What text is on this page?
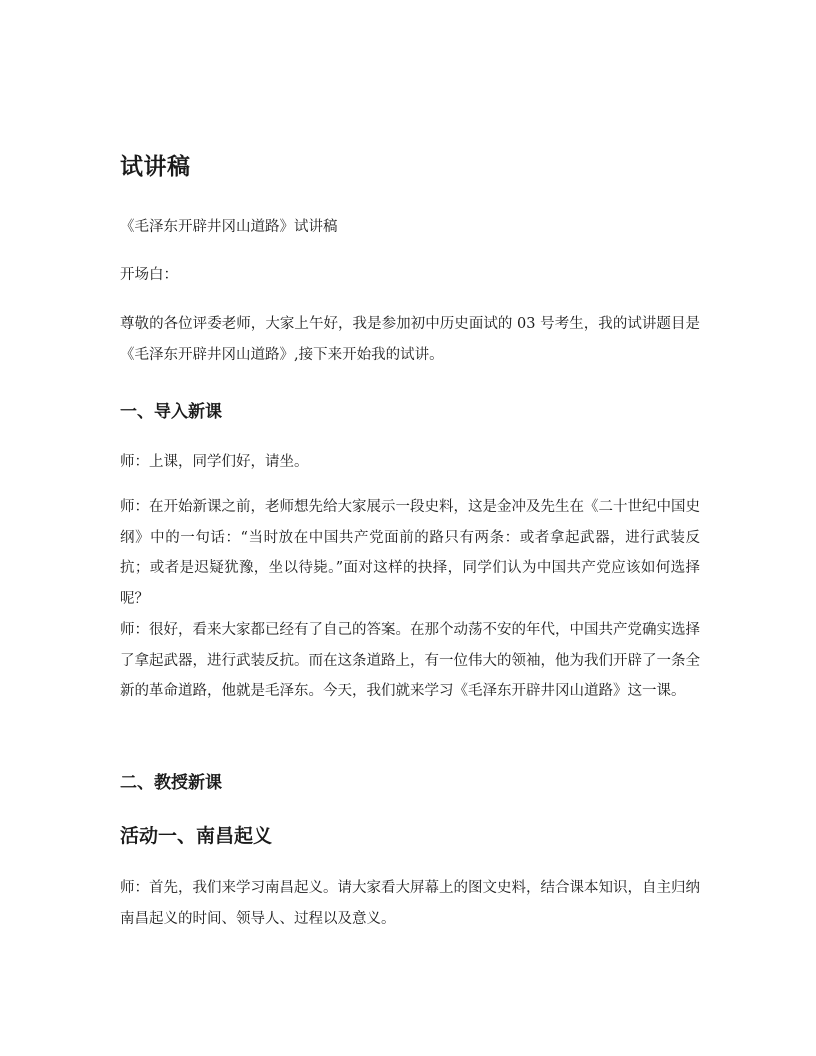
试讲稿

《毛泽东开辟井冈山道路》试讲稿

开场白：

尊敬的各位评委老师，大家上午好，我是参加初中历史面试的 03 号考生，我的试讲题目是《毛泽东开辟井冈山道路》,接下来开始我的试讲。

一、导入新课

师：上课，同学们好，请坐。

师：在开始新课之前，老师想先给大家展示一段史料，这是金冲及先生在《二十世纪中国史纲》中的一句话：“当时放在中国共产党面前的路只有两条：或者拿起武器，进行武装反抗；或者是迟疑犹豫，坐以待毙。”面对这样的抉择，同学们认为中国共产党应该如何选择呢？

师：很好，看来大家都已经有了自己的答案。在那个动荡不安的年代，中国共产党确实选择了拿起武器，进行武装反抗。而在这条道路上，有一位伟大的领袖，他为我们开辟了一条全新的革命道路，他就是毛泽东。今天，我们就来学习《毛泽东开辟井冈山道路》这一课。

二、教授新课
活动一、南昌起义

师：首先，我们来学习南昌起义。请大家看大屏幕上的图文史料，结合课本知识，自主归纳南昌起义的时间、领导人、过程以及意义。
